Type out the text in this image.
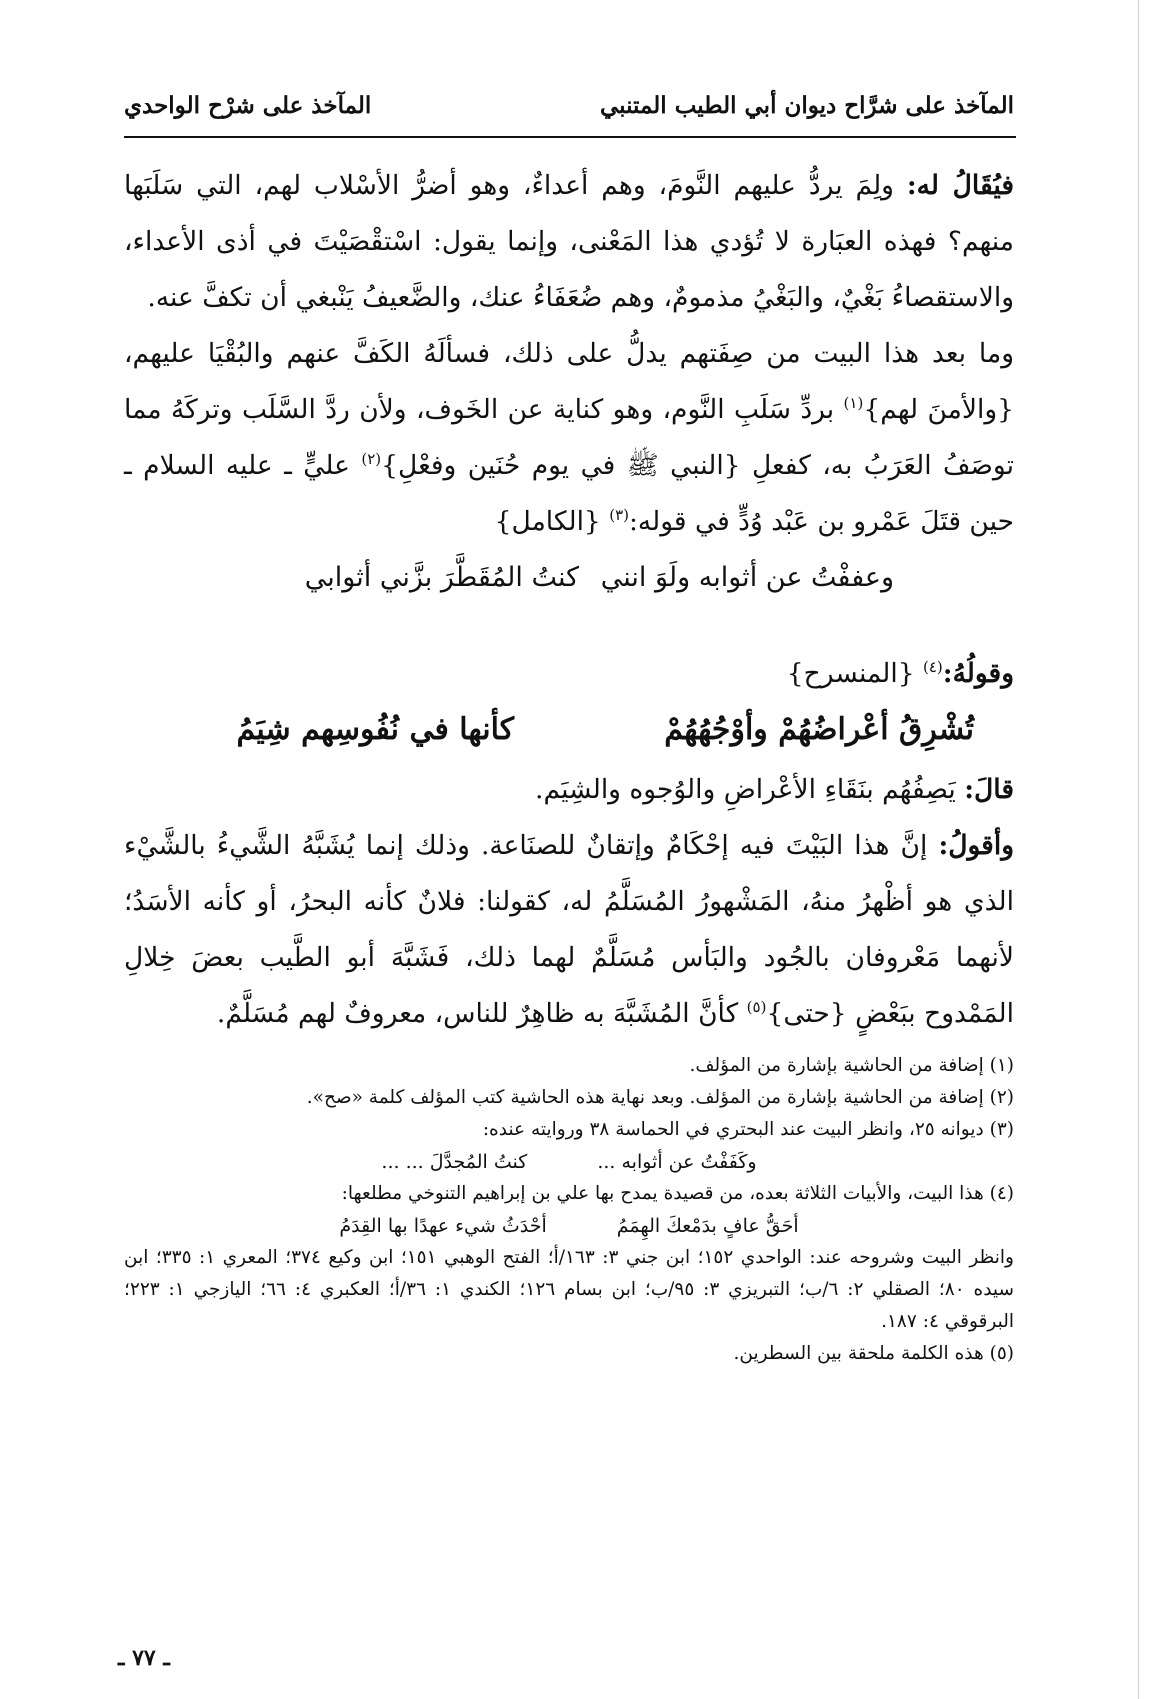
المآخذ على شرَّاح ديوان أبي الطيب المتنبي
المآخذ على شرْح الواحدي

فيُقَالُ له: ولِمَ يردُّ عليهم النَّومَ، وهم أعداءٌ، وهو أضرُّ الأسْلاب لهم، التي سَلَبَها منهم؟ فهذه العبَارة لا تُؤدي هذا المَعْنى، وإنما يقول: اسْتقْصَيْتَ في أذى الأعداء، والاستقصاءُ بَغْيٌ، والبَغْيُ مذمومٌ، وهم ضُعَفَاءُ عنك، والضَّعيفُ يَنْبغي أن تكفَّ عنه.

وما بعد هذا البيت من صِفَتهم يدلُّ على ذلك، فسألَهُ الكَفَّ عنهم والبُقْيَا عليهم، {والأمنَ لهم}$^{(١)}$ بردِّ سَلَبِ النَّوم، وهو كناية عن الخَوف، ولأن ردَّ السَّلَب وتركَهُ مما توصَفُ العَرَبُ به، كفعلِ {النبي ﷺ في يوم حُنَين وفعْلِ}$^{(٢)}$ عليٍّ ـ عليه السلام ـ حين قتَلَ عَمْرو بن عَبْد وُدٍّ في قوله:$^{(٣)}$ {الكامل}

وعففْتُ عن أثوابه ولَوَ انني
كنتُ المُقَطَّرَ بزَّني أثوابي

وقولُهُ:$^{(٤)}$ {المنسرح}

تُشْرِقُ أعْراضُهُمْ وأوْجُهُهُمْ
كأنها في نُفُوسِهم شِيَمُ

قالَ: يَصِفُهُم بنَقَاءِ الأعْراضِ والوُجوه والشِيَم.

وأقولُ: إنَّ هذا البَيْتَ فيه إحْكَامٌ وإتقانٌ للصنَاعة. وذلك إنما يُشَبَّهُ الشَّيءُ بالشَّيْء الذي هو أظْهرُ منهُ، المَشْهورُ المُسَلَّمُ له، كقولنا: فلانٌ كأنه البحرُ، أو كأنه الأسَدُ؛ لأنهما مَعْروفان بالجُود والبَأس مُسَلَّمٌ لهما ذلك، فَشَبَّهَ أبو الطَّيب بعضَ خِلالِ المَمْدوح ببَعْضٍ {حتى}$^{(٥)}$ كأنَّ المُشَبَّهَ به ظاهِرٌ للناس، معروفٌ لهم مُسَلَّمٌ.

(١) إضافة من الحاشية بإشارة من المؤلف.

(٢) إضافة من الحاشية بإشارة من المؤلف. وبعد نهاية هذه الحاشية كتب المؤلف كلمة «صح».

(٣) ديوانه ٢٥، وانظر البيت عند البحتري في الحماسة ٣٨ وروايته عنده:

وكَفَفْتُ عن أثوابه ...
كنتُ المُجدَّلَ ... ...

(٤) هذا البيت، والأبيات الثلاثة بعده، من قصيدة يمدح بها علي بن إبراهيم التنوخي مطلعها:

أحَقُّ عافٍ بدَمْعكَ الهِمَمُ
أحْدَثُ شيء عهدًا بها القِدَمُ

وانظر البيت وشروحه عند: الواحدي ١٥٢؛ ابن جني ٣: ١٦٣/أ؛ الفتح الوهبي ١٥١؛ ابن وكيع ٣٧٤؛ المعري ١: ٣٣٥؛ ابن سيده ٨٠؛ الصقلي ٢: ٦/ب؛ التبريزي ٣: ٩٥/ب؛ ابن بسام ١٢٦؛ الكندي ١: ٣٦/أ؛ العكبري ٤: ٦٦؛ اليازجي ١: ٢٢٣؛ البرقوقي ٤: ١٨٧.

(٥) هذه الكلمة ملحقة بين السطرين.

ـ ٧٧ ـ
